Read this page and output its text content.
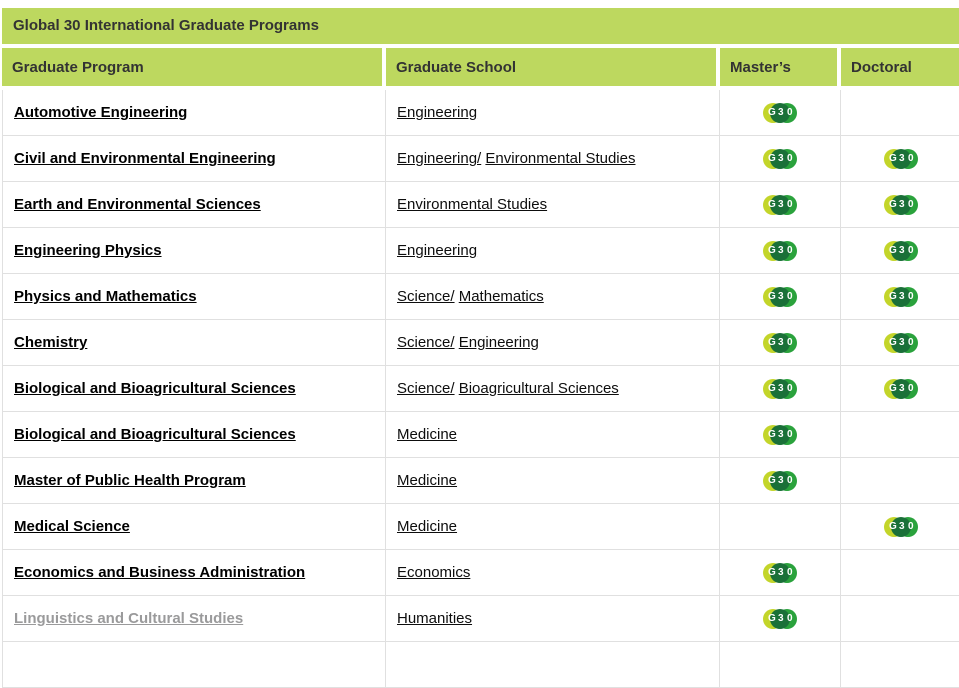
Global 30 International Graduate Programs
Graduate Program	Graduate School	Master’s	Doctoral
Automotive Engineering	Engineering	G 3 0	

Civil and Environmental Engineering	Engineering/ Environmental Studies	G 3 0	G 3 0

Earth and Environmental Sciences	Environmental Studies	G 3 0	G 3 0

Engineering Physics	Engineering	G 3 0	G 3 0

Physics and Mathematics	Science/ Mathematics	G 3 0	G 3 0

Chemistry	Science/ Engineering	G 3 0	G 3 0

Biological and Bioagricultural Sciences	Science/ Bioagricultural Sciences	G 3 0	G 3 0

Biological and Bioagricultural Sciences	Medicine	G 3 0	

Master of Public Health Program	Medicine	G 3 0	

Medical Science	Medicine		G 3 0

Economics and Business Administration	Economics	G 3 0	

Linguistics and Cultural Studies	Humanities	G 3 0	
